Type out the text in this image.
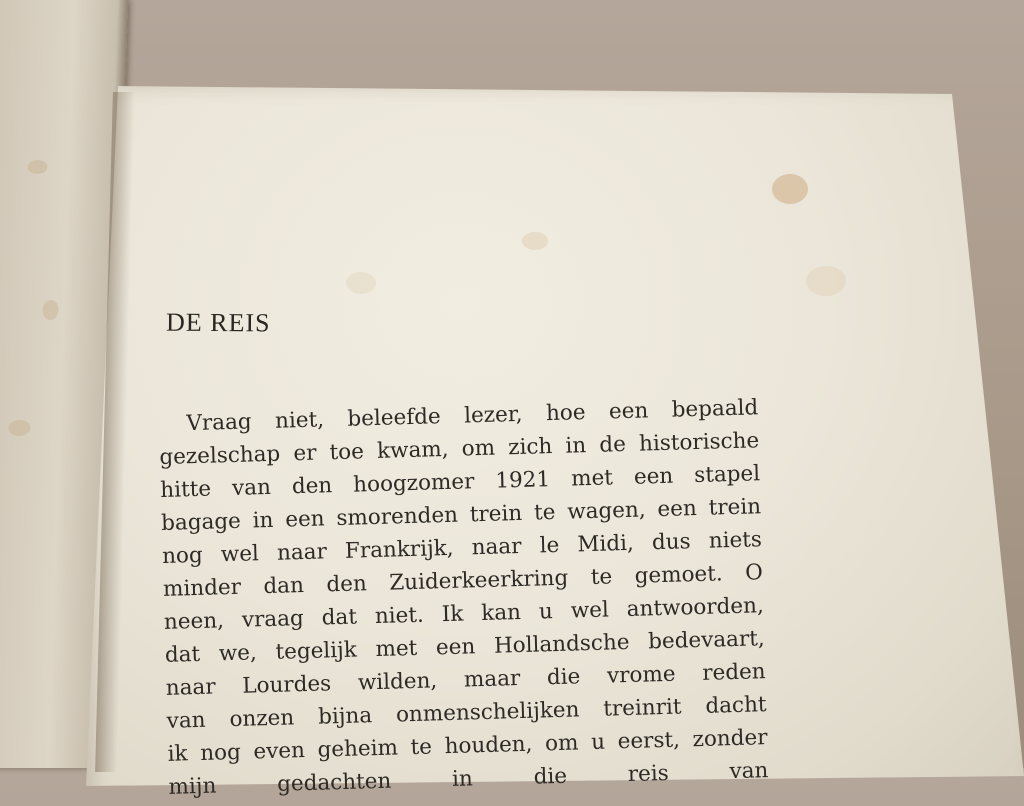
DE REIS
Vraag niet, beleefde lezer, hoe een bepaald
gezelschap er toe kwam, om zich in de historische
hitte van den hoogzomer 1921 met een stapel
bagage in een smorenden trein te wagen, een trein
nog wel naar Frankrijk, naar le Midi, dus niets
minder dan den Zuiderkeerkring te gemoet. O
neen, vraag dat niet. Ik kan u wel antwoorden,
dat we, tegelijk met een Hollandsche bedevaart,
naar Lourdes wilden, maar die vrome reden
van onzen bijna onmenschelijken treinrit dacht
ik nog even geheim te houden, om u eerst, zonder
mijn gedachten in die reis van
